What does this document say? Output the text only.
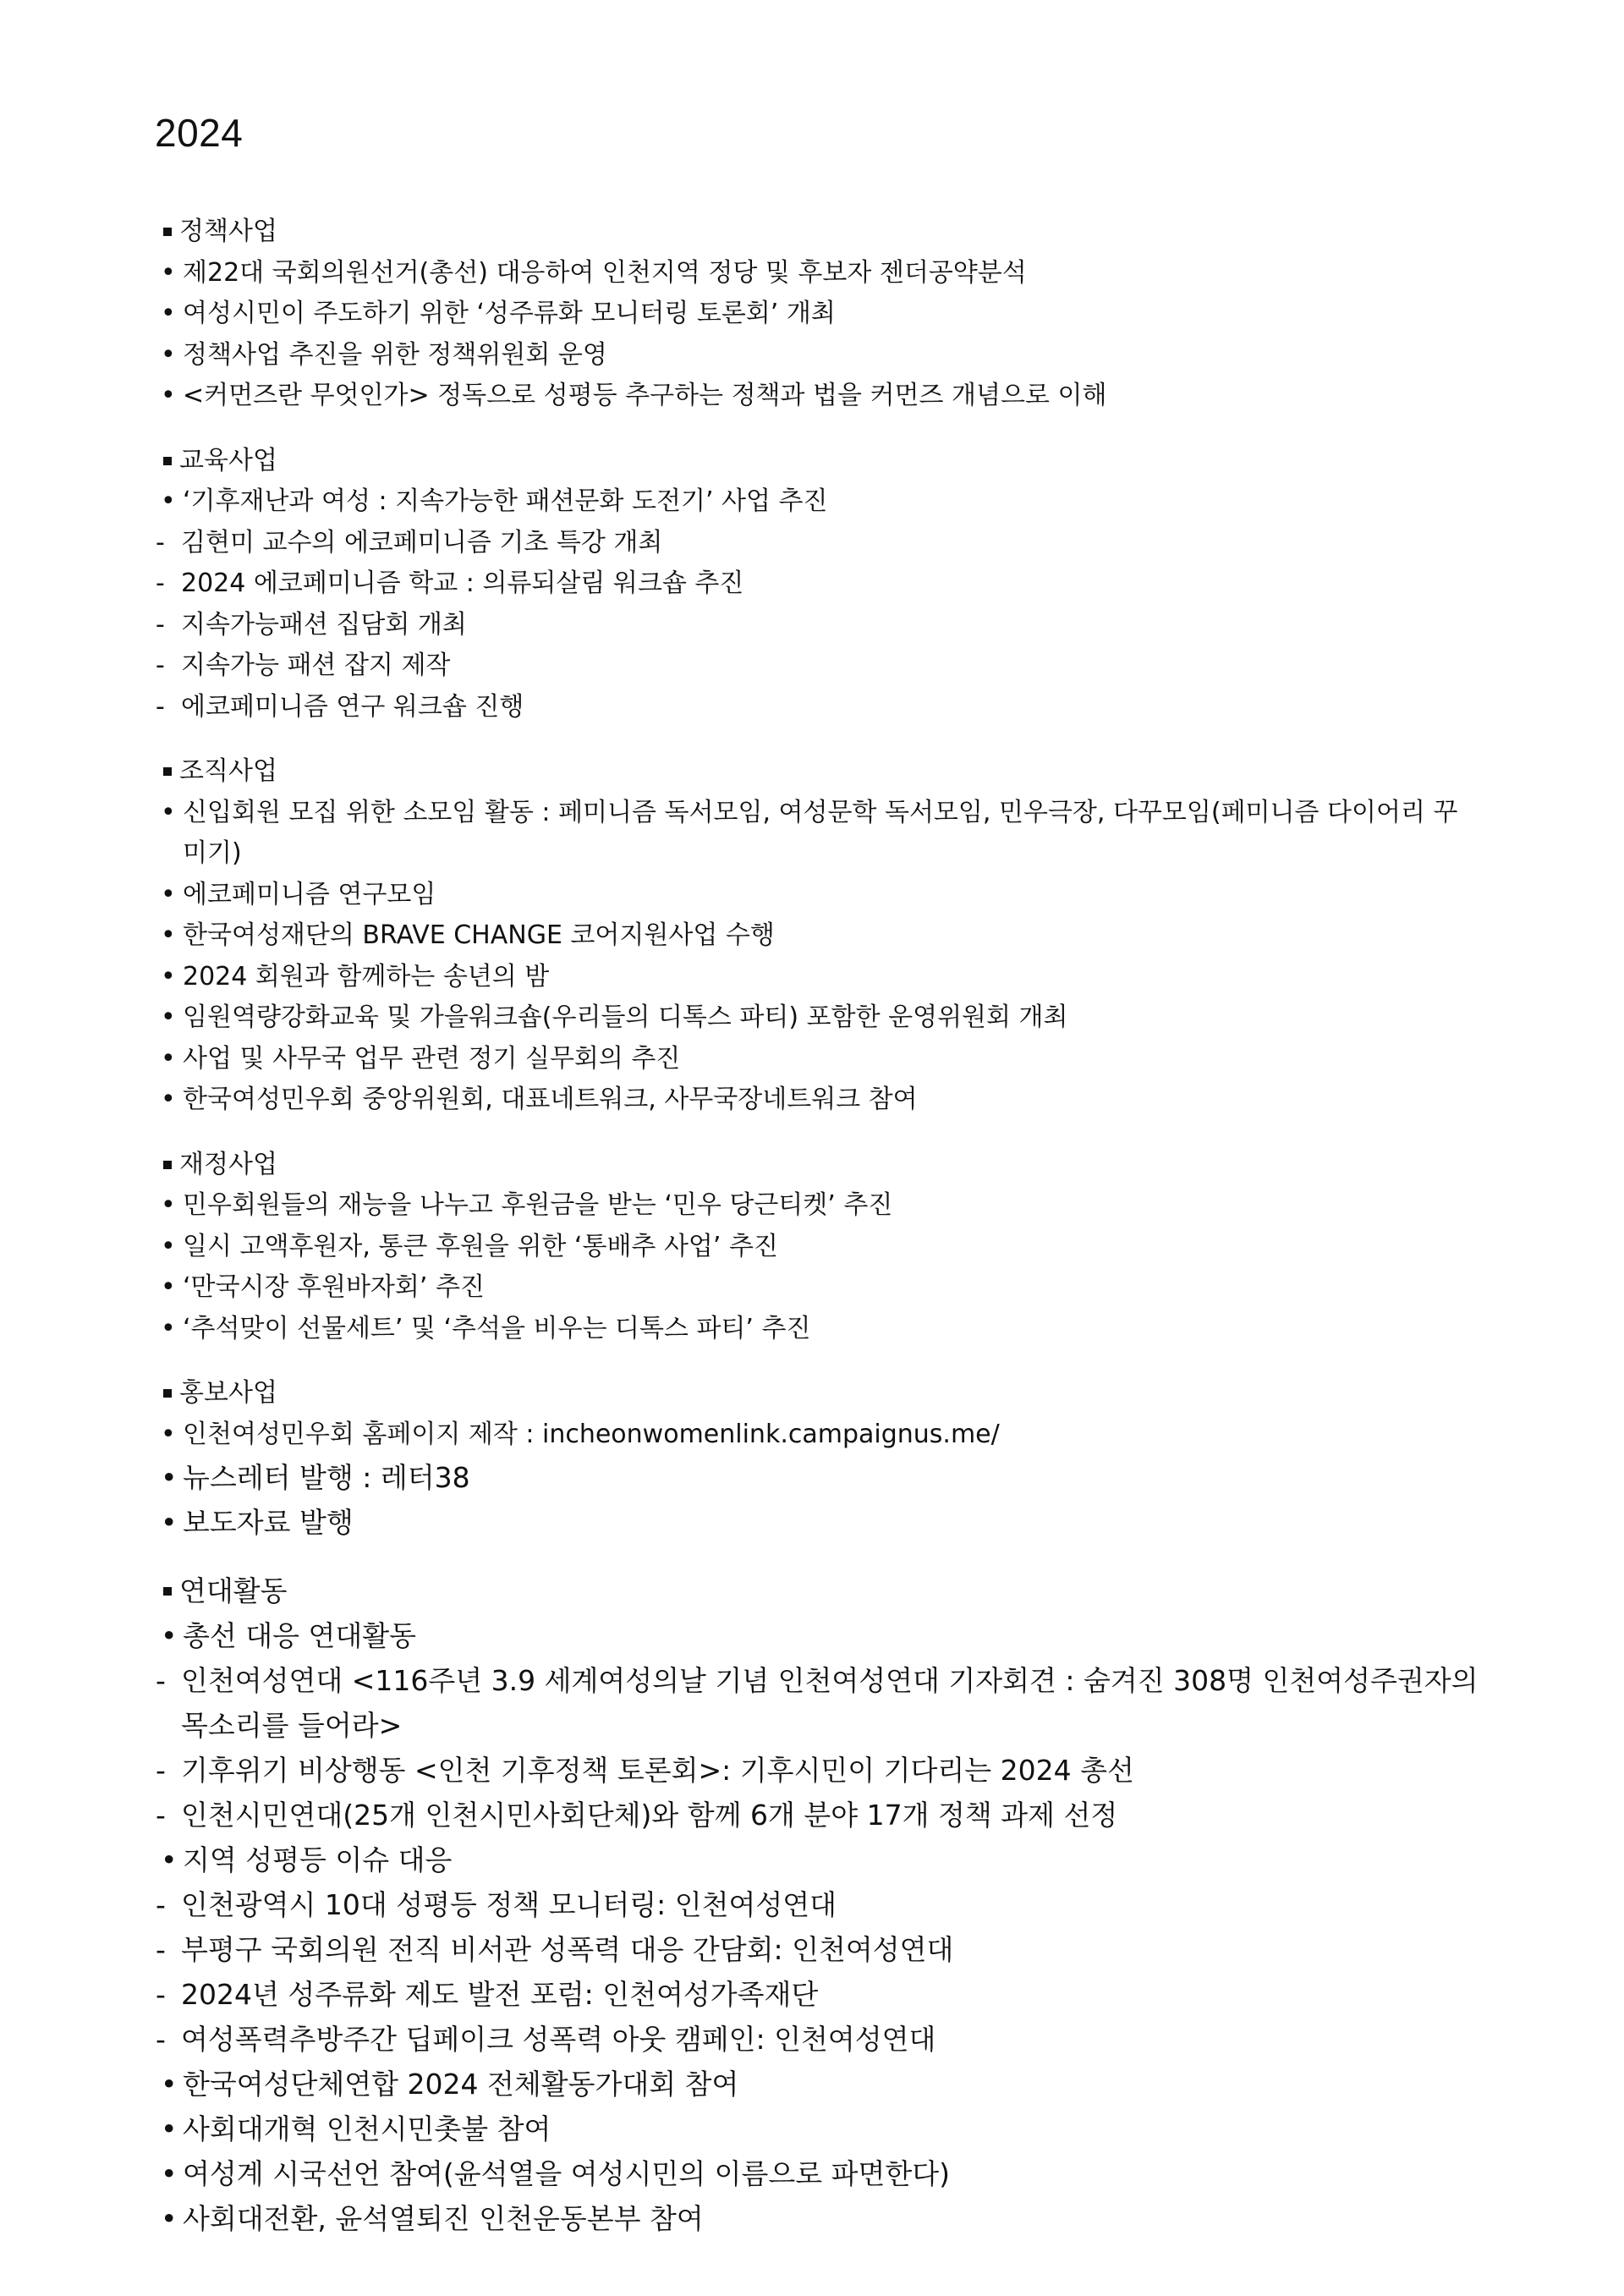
2024
정책사업
• 제22대 국회의원선거(총선) 대응하여 인천지역 정당 및 후보자 젠더공약분석
• 여성시민이 주도하기 위한 ‘성주류화 모니터링 토론회’ 개최
• 정책사업 추진을 위한 정책위원회 운영
• <커먼즈란 무엇인가> 정독으로 성평등 추구하는 정책과 법을 커먼즈 개념으로 이해
교육사업
• ‘기후재난과 여성 : 지속가능한 패션문화 도전기’ 사업 추진
- 김현미 교수의 에코페미니즘 기초 특강 개최
- 2024 에코페미니즘 학교 : 의류되살림 워크숍 추진
- 지속가능패션 집담회 개최
- 지속가능 패션 잡지 제작
- 에코페미니즘 연구 워크숍 진행
조직사업
• 신입회원 모집 위한 소모임 활동 : 페미니즘 독서모임, 여성문학 독서모임, 민우극장, 다꾸모임(페미니즘 다이어리 꾸미기)
• 에코페미니즘 연구모임
• 한국여성재단의 BRAVE CHANGE 코어지원사업 수행
• 2024 회원과 함께하는 송년의 밤
• 임원역량강화교육 및 가을워크숍(우리들의 디톡스 파티) 포함한 운영위원회 개최
• 사업 및 사무국 업무 관련 정기 실무회의 추진
• 한국여성민우회 중앙위원회, 대표네트워크, 사무국장네트워크 참여
재정사업
• 민우회원들의 재능을 나누고 후원금을 받는 ‘민우 당근티켓’ 추진
• 일시 고액후원자, 통큰 후원을 위한 ‘통배추 사업’ 추진
• ‘만국시장 후원바자회’ 추진
• ‘추석맞이 선물세트’ 및 ‘추석을 비우는 디톡스 파티’ 추진
홍보사업
• 인천여성민우회 홈페이지 제작 : incheonwomenlink.campaignus.me/
• 뉴스레터 발행 : 레터38
• 보도자료 발행
연대활동
• 총선 대응 연대활동
- 인천여성연대 <116주년 3.9 세계여성의날 기념 인천여성연대 기자회견 : 숨겨진 308명 인천여성주권자의 목소리를 들어라>
- 기후위기 비상행동 <인천 기후정책 토론회>: 기후시민이 기다리는 2024 총선
- 인천시민연대(25개 인천시민사회단체)와 함께 6개 분야 17개 정책 과제 선정
• 지역 성평등 이슈 대응
- 인천광역시 10대 성평등 정책 모니터링: 인천여성연대
- 부평구 국회의원 전직 비서관 성폭력 대응 간담회: 인천여성연대
- 2024년 성주류화 제도 발전 포럼: 인천여성가족재단
- 여성폭력추방주간 딥페이크 성폭력 아웃 캠페인: 인천여성연대
• 한국여성단체연합 2024 전체활동가대회 참여
• 사회대개혁 인천시민촛불 참여
• 여성계 시국선언 참여(윤석열을 여성시민의 이름으로 파면한다)
• 사회대전환, 윤석열퇴진 인천운동본부 참여
